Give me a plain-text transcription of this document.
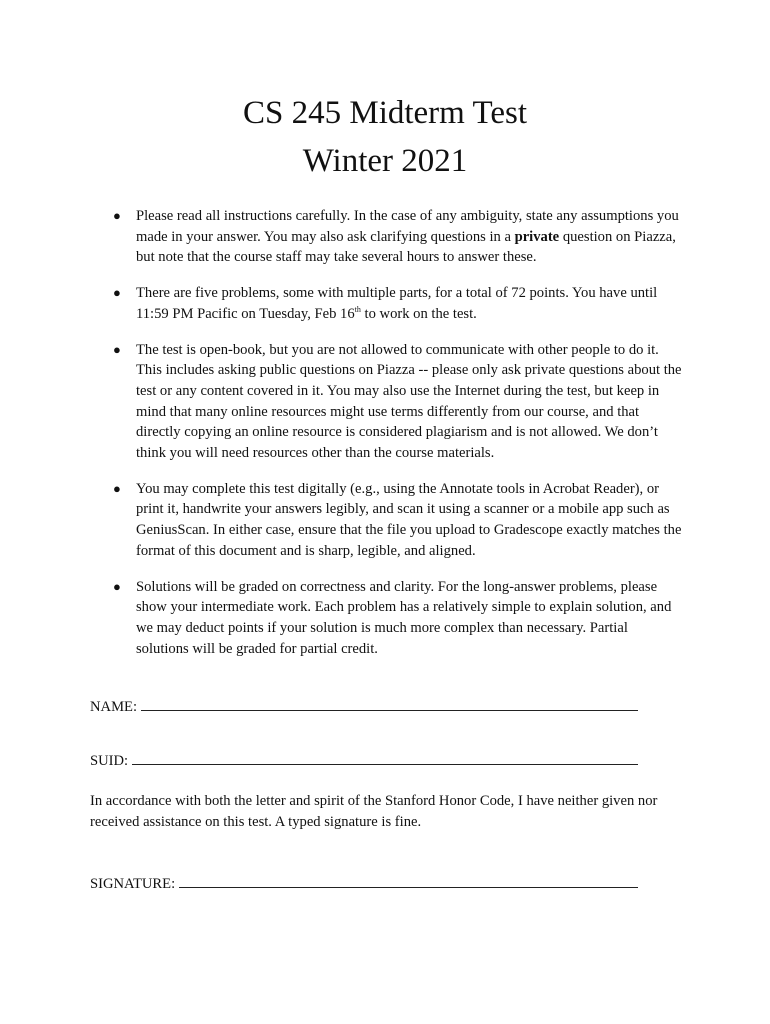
CS 245 Midterm Test
Winter 2021
● Please read all instructions carefully. In the case of any ambiguity, state any assumptions you made in your answer. You may also ask clarifying questions in a private question on Piazza, but note that the course staff may take several hours to answer these.
● There are five problems, some with multiple parts, for a total of 72 points. You have until 11:59 PM Pacific on Tuesday, Feb 16th to work on the test.
● The test is open-book, but you are not allowed to communicate with other people to do it. This includes asking public questions on Piazza -- please only ask private questions about the test or any content covered in it. You may also use the Internet during the test, but keep in mind that many online resources might use terms differently from our course, and that directly copying an online resource is considered plagiarism and is not allowed. We don’t think you will need resources other than the course materials.
● You may complete this test digitally (e.g., using the Annotate tools in Acrobat Reader), or print it, handwrite your answers legibly, and scan it using a scanner or a mobile app such as GeniusScan. In either case, ensure that the file you upload to Gradescope exactly matches the format of this document and is sharp, legible, and aligned.
● Solutions will be graded on correctness and clarity. For the long-answer problems, please show your intermediate work. Each problem has a relatively simple to explain solution, and we may deduct points if your solution is much more complex than necessary. Partial solutions will be graded for partial credit.
NAME:
SUID:
In accordance with both the letter and spirit of the Stanford Honor Code, I have neither given nor received assistance on this test. A typed signature is fine.
SIGNATURE:
